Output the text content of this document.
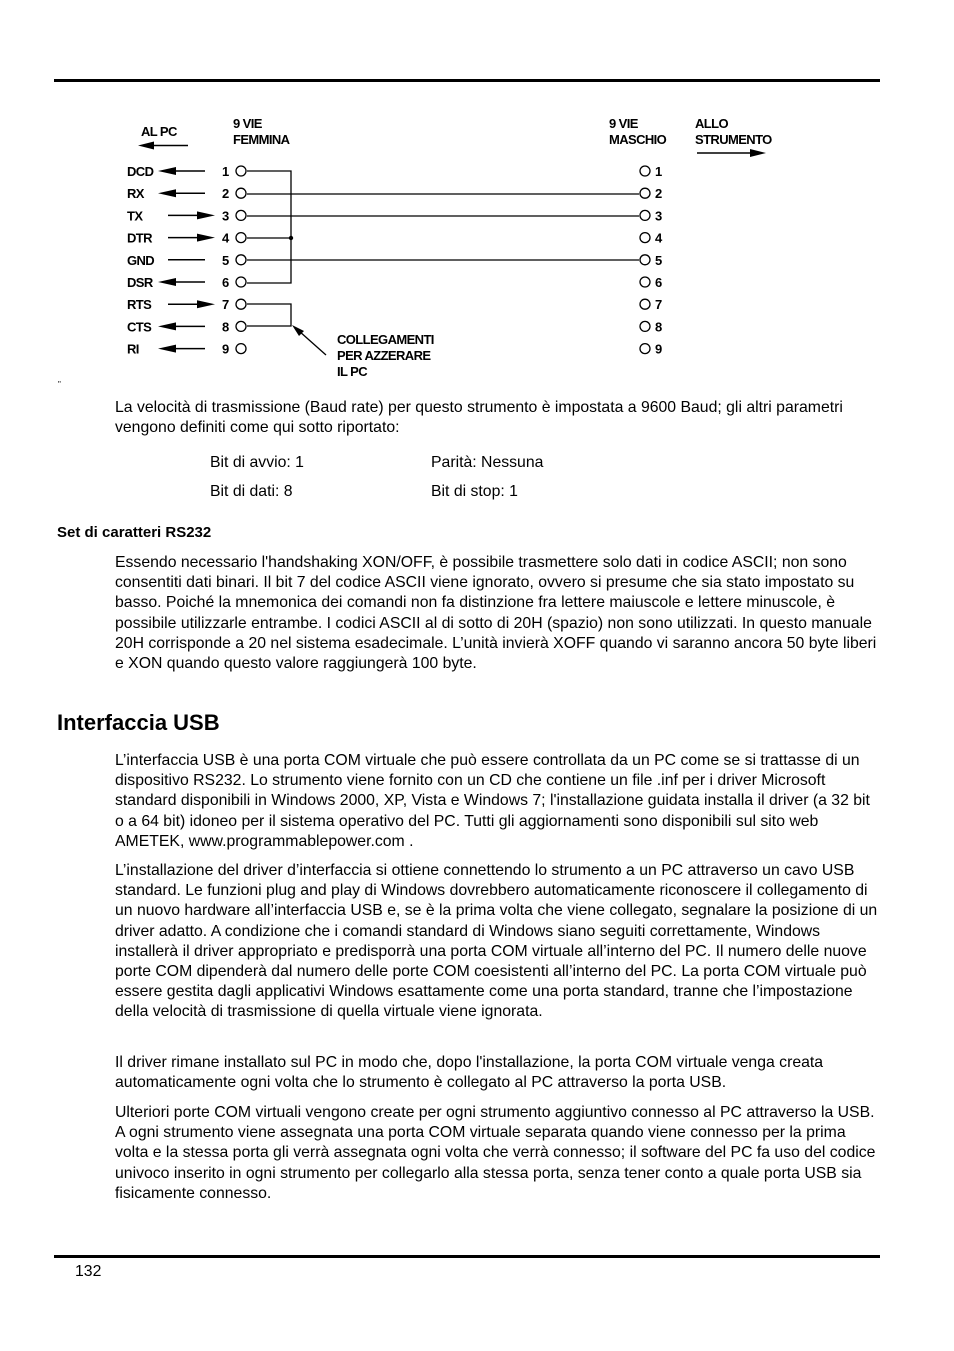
AL PC
9 VIE
FEMMINA
9 VIE
MASCHIO
ALLO
STRUMENTO
DCD	1	1
RX	2	2
TX	3	3
DTR	4	4
GND	5	5
DSR	6	6
RTS	7	7
CTS	8	8
RI	9	9
COLLEGAMENTI
PER AZZERARE
IL PC
"

La velocità di trasmissione (Baud rate) per questo strumento è impostata a 9600 Baud; gli altri parametri vengono definiti come qui sotto riportato:

Bit di avvio: 1	Parità: Nessuna
Bit di dati: 8	Bit di stop: 1
Set di caratteri RS232

Essendo necessario l'handshaking XON/OFF, è possibile trasmettere solo dati in codice ASCII; non sono consentiti dati binari. Il bit 7 del codice ASCII viene ignorato, ovvero si presume che sia stato impostato su basso. Poiché la mnemonica dei comandi non fa distinzione fra lettere maiuscole e lettere minuscole, è possibile utilizzarle entrambe. I codici ASCII al di sotto di 20H (spazio) non sono utilizzati. In questo manuale 20H corrisponde a 20 nel sistema esadecimale. L’unità invierà XOFF quando vi saranno ancora 50 byte liberi e XON quando questo valore raggiungerà 100 byte.

Interfaccia USB

L’interfaccia USB è una porta COM virtuale che può essere controllata da un PC come se si trattasse di un dispositivo RS232. Lo strumento viene fornito con un CD che contiene un file .inf per i driver Microsoft standard disponibili in Windows 2000, XP, Vista e Windows 7; l'installazione guidata installa il driver (a 32 bit o a 64 bit) idoneo per il sistema operativo del PC. Tutti gli aggiornamenti sono disponibili sul sito web AMETEK, www.programmablepower.com .

L’installazione del driver d’interfaccia si ottiene connettendo lo strumento a un PC attraverso un cavo USB standard. Le funzioni plug and play di Windows dovrebbero automaticamente riconoscere il collegamento di un nuovo hardware all’interfaccia USB e, se è la prima volta che viene collegato, segnalare la posizione di un driver adatto. A condizione che i comandi standard di Windows siano seguiti correttamente, Windows installerà il driver appropriato e predisporrà una porta COM virtuale all’interno del PC. Il numero delle nuove porte COM dipenderà dal numero delle porte COM coesistenti all’interno del PC. La porta COM virtuale può essere gestita dagli applicativi Windows esattamente come una porta standard, tranne che l’impostazione della velocità di trasmissione di quella virtuale viene ignorata.

Il driver rimane installato sul PC in modo che, dopo l'installazione, la porta COM virtuale venga creata automaticamente ogni volta che lo strumento è collegato al PC attraverso la porta USB.

Ulteriori porte COM virtuali vengono create per ogni strumento aggiuntivo connesso al PC attraverso la USB. A ogni strumento viene assegnata una porta COM virtuale separata quando viene connesso per la prima volta e la stessa porta gli verrà assegnata ogni volta che verrà connesso; il software del PC fa uso del codice univoco inserito in ogni strumento per collegarlo alla stessa porta, senza tener conto a quale porta USB sia fisicamente connesso.

132
